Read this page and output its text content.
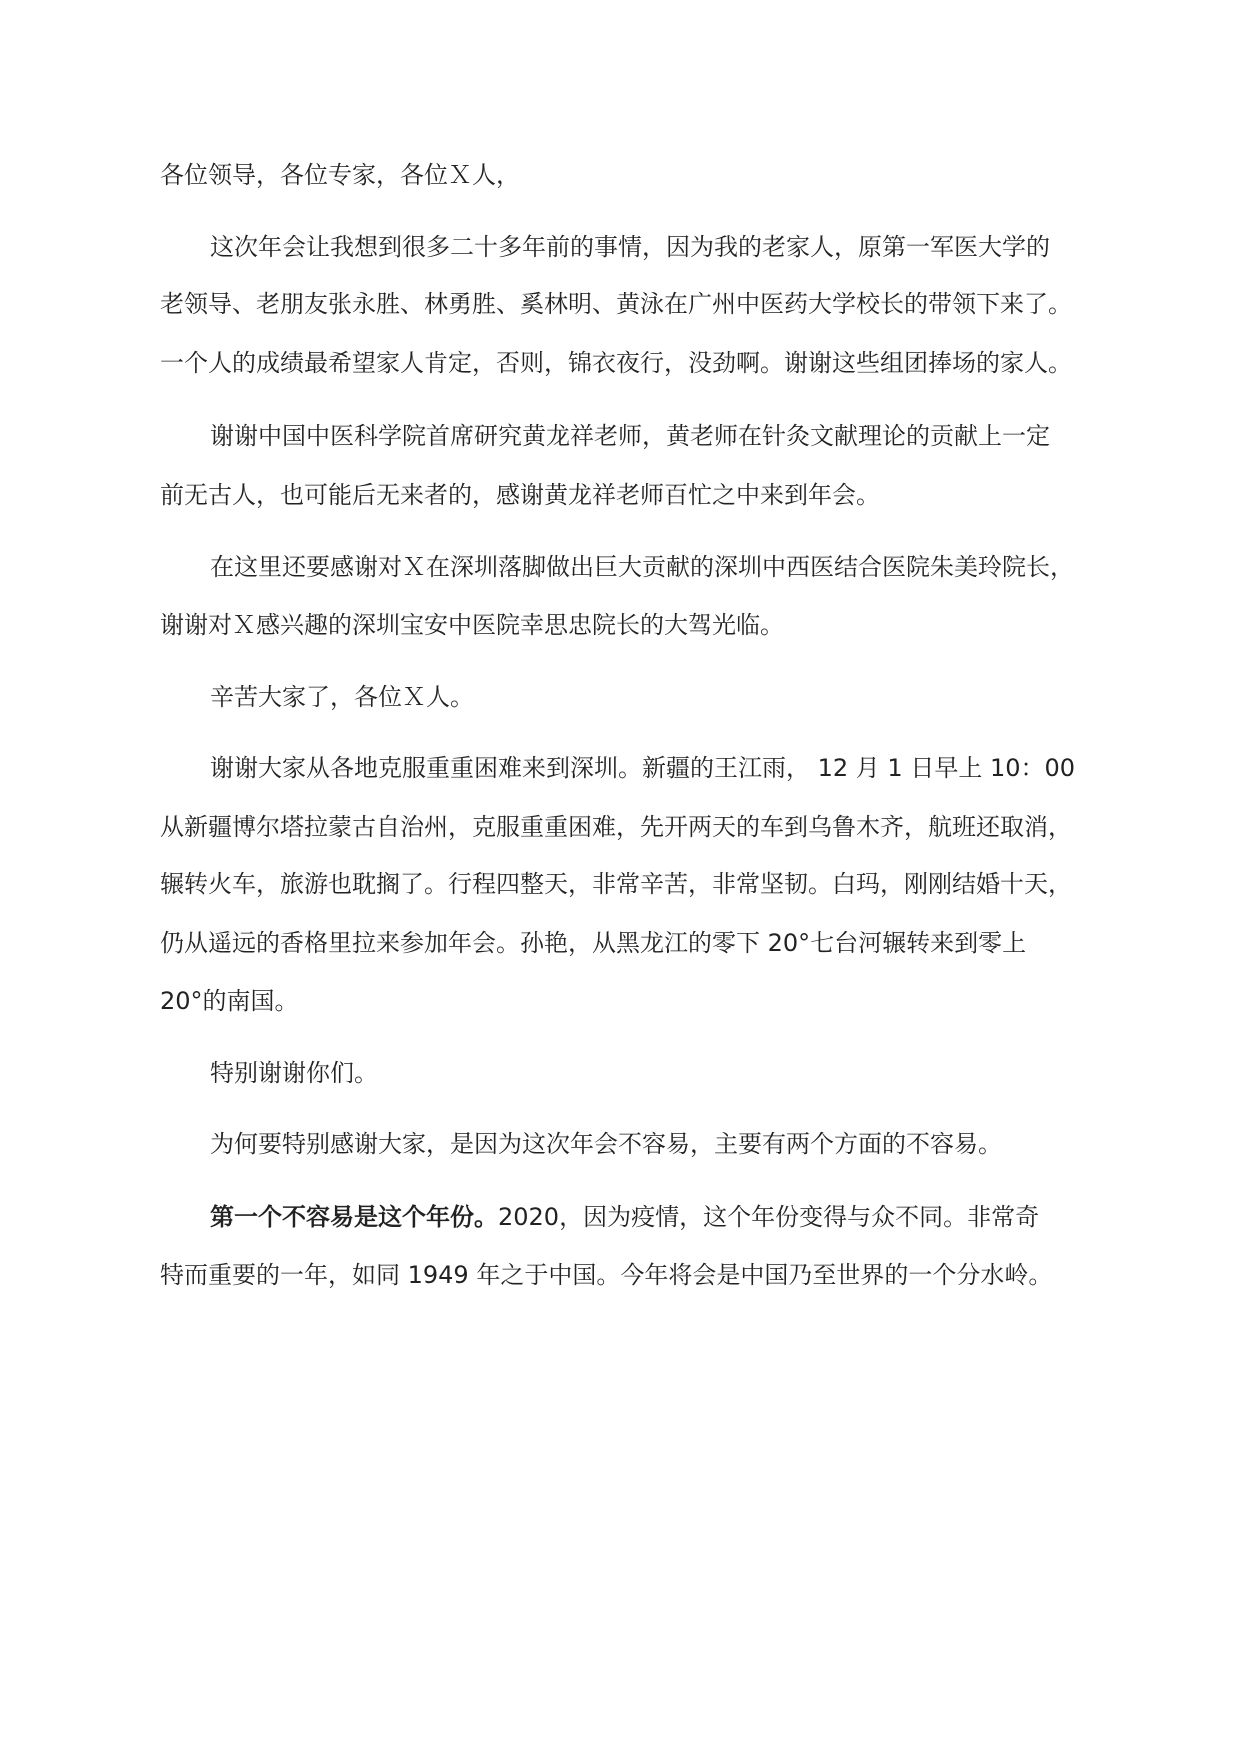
各位领导，各位专家，各位Ｘ人，
这次年会让我想到很多二十多年前的事情，因为我的老家人，原第一军医大学的
老领导、老朋友张永胜、林勇胜、奚林明、黄泳在广州中医药大学校长的带领下来了。
一个人的成绩最希望家人肯定，否则，锦衣夜行，没劲啊。谢谢这些组团捧场的家人。
谢谢中国中医科学院首席研究黄龙祥老师，黄老师在针灸文献理论的贡献上一定
前无古人，也可能后无来者的，感谢黄龙祥老师百忙之中来到年会。
在这里还要感谢对Ｘ在深圳落脚做出巨大贡献的深圳中西医结合医院朱美玲院长，
谢谢对Ｘ感兴趣的深圳宝安中医院幸思忠院长的大驾光临。
辛苦大家了，各位Ｘ人。
谢谢大家从各地克服重重困难来到深圳。新疆的王江雨， 12 月 1 日早上 10：00
从新疆博尔塔拉蒙古自治州，克服重重困难，先开两天的车到乌鲁木齐，航班还取消，
辗转火车，旅游也耽搁了。行程四整天，非常辛苦，非常坚韧。白玛，刚刚结婚十天，
仍从遥远的香格里拉来参加年会。孙艳，从黑龙江的零下 20°七台河辗转来到零上
20°的南国。
特别谢谢你们。
为何要特别感谢大家，是因为这次年会不容易，主要有两个方面的不容易。
第一个不容易是这个年份。2020，因为疫情，这个年份变得与众不同。非常奇
特而重要的一年，如同 1949 年之于中国。今年将会是中国乃至世界的一个分水岭。
